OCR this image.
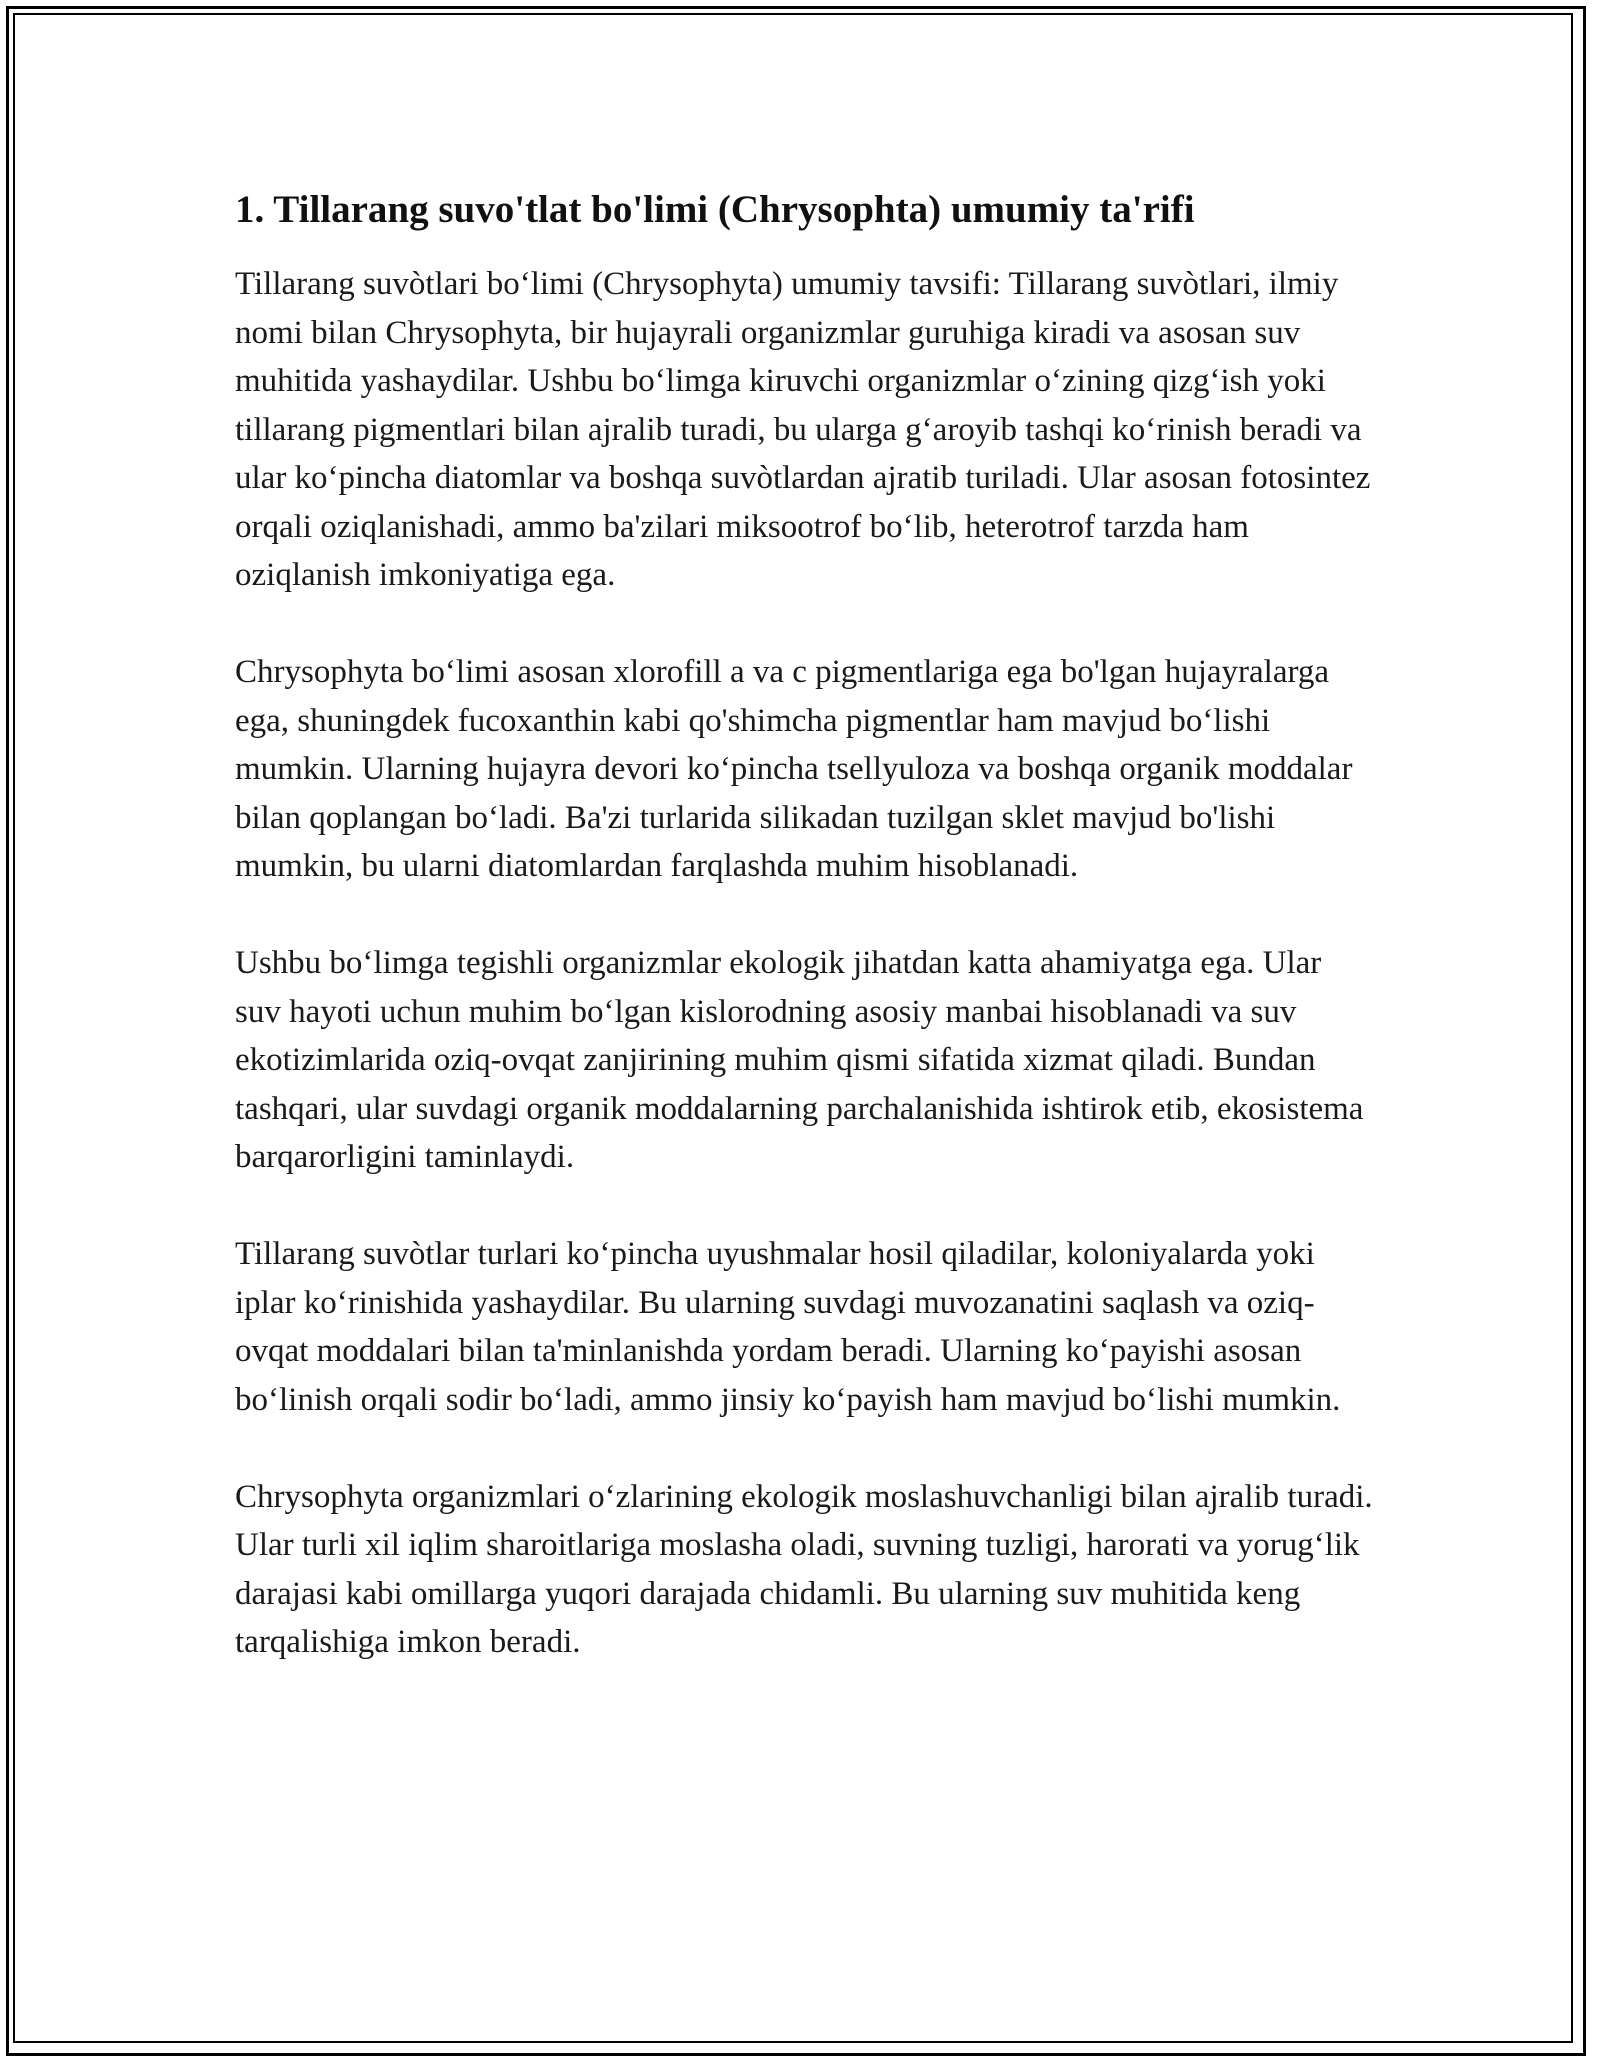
1. Tillarang suvo'tlat bo'limi (Chrysophta) umumiy ta'rifi

Tillarang suvòtlari bo‘limi (Chrysophyta) umumiy tavsifi: Tillarang suvòtlari, ilmiy nomi bilan Chrysophyta, bir hujayrali organizmlar guruhiga kiradi va asosan suv muhitida yashaydilar. Ushbu bo‘limga kiruvchi organizmlar o‘zining qizg‘ish yoki tillarang pigmentlari bilan ajralib turadi, bu ularga g‘aroyib tashqi ko‘rinish beradi va ular ko‘pincha diatomlar va boshqa suvòtlardan ajratib turiladi. Ular asosan fotosintez orqali oziqlanishadi, ammo ba'zilari miksootrof bo‘lib, heterotrof tarzda ham oziqlanish imkoniyatiga ega.

Chrysophyta bo‘limi asosan xlorofill a va c pigmentlariga ega bo'lgan hujayralarga ega, shuningdek fucoxanthin kabi qo'shimcha pigmentlar ham mavjud bo‘lishi mumkin. Ularning hujayra devori ko‘pincha tsellyuloza va boshqa organik moddalar bilan qoplangan bo‘ladi. Ba'zi turlarida silikadan tuzilgan sklet mavjud bo'lishi mumkin, bu ularni diatomlardan farqlashda muhim hisoblanadi.

Ushbu bo‘limga tegishli organizmlar ekologik jihatdan katta ahamiyatga ega. Ular suv hayoti uchun muhim bo‘lgan kislorodning asosiy manbai hisoblanadi va suv ekotizimlarida oziq-ovqat zanjirining muhim qismi sifatida xizmat qiladi. Bundan tashqari, ular suvdagi organik moddalarning parchalanishida ishtirok etib, ekosistema barqarorligini taminlaydi.

Tillarang suvòtlar turlari ko‘pincha uyushmalar hosil qiladilar, koloniyalarda yoki iplar ko‘rinishida yashaydilar. Bu ularning suvdagi muvozanatini saqlash va oziq-ovqat moddalari bilan ta'minlanishda yordam beradi. Ularning ko‘payishi asosan bo‘linish orqali sodir bo‘ladi, ammo jinsiy ko‘payish ham mavjud bo‘lishi mumkin.

Chrysophyta organizmlari o‘zlarining ekologik moslashuvchanligi bilan ajralib turadi. Ular turli xil iqlim sharoitlariga moslasha oladi, suvning tuzligi, harorati va yorug‘lik darajasi kabi omillarga yuqori darajada chidamli. Bu ularning suv muhitida keng tarqalishiga imkon beradi.
